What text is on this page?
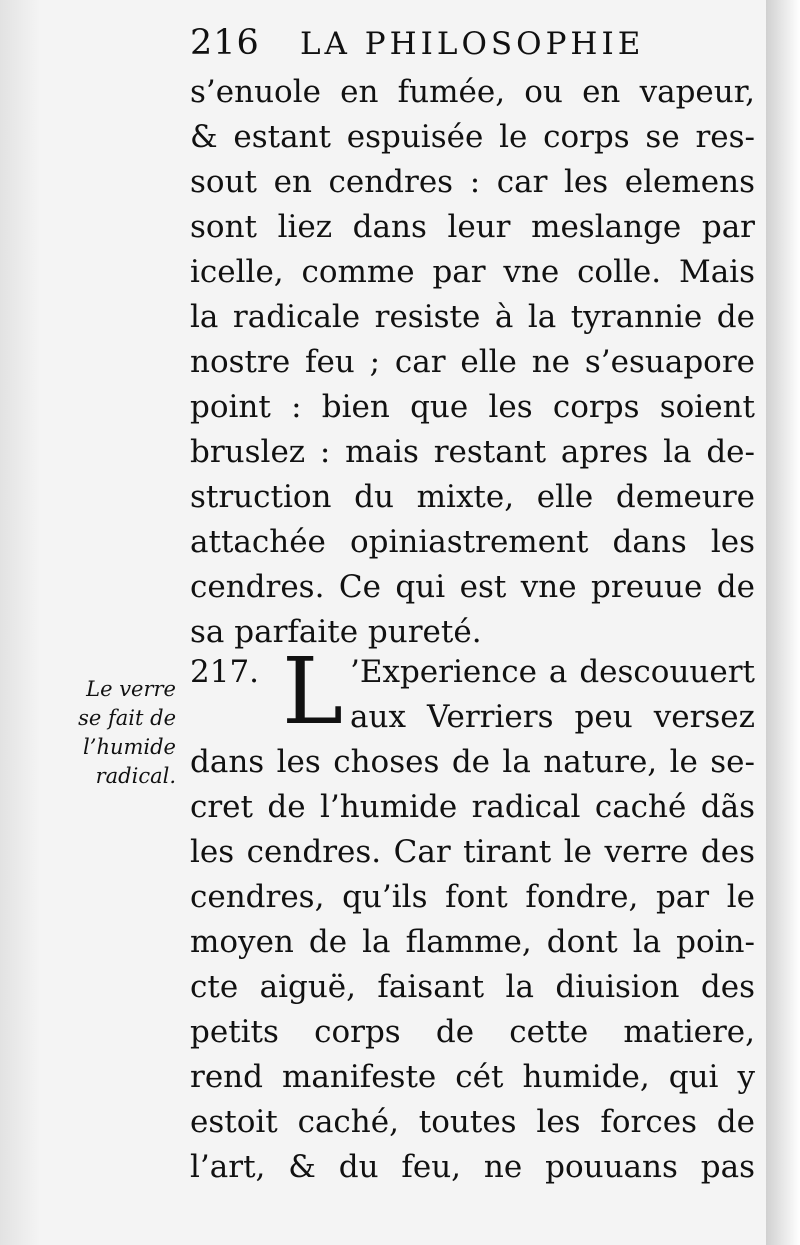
216 LA PHILOSOPHIE
s’enuole en fumée, ou en vapeur,
& estant espuisée le corps se res-
sout en cendres : car les elemens
sont liez dans leur meslange par
icelle, comme par vne colle. Mais
la radicale resiste à la tyrannie de
nostre feu ; car elle ne s’esuapore
point : bien que les corps soient
bruslez : mais restant apres la de-
struction du mixte, elle demeure
attachée opiniastrement dans les
cendres. Ce qui est vne preuue de
sa parfaite pureté.
Le verre
se fait de
l’humide
radical.
L
217.	’Experience a descouuert
aux Verriers peu versez
dans les choses de la nature, le se-
cret de l’humide radical caché dãs
les cendres. Car tirant le verre des
cendres, qu’ils font fondre, par le
moyen de la flamme, dont la poin-
cte aiguë, faisant la diuision des
petits corps de cette matiere,
rend manifeste cét humide, qui y
estoit caché, toutes les forces de
l’art, & du feu, ne pouuans pas
